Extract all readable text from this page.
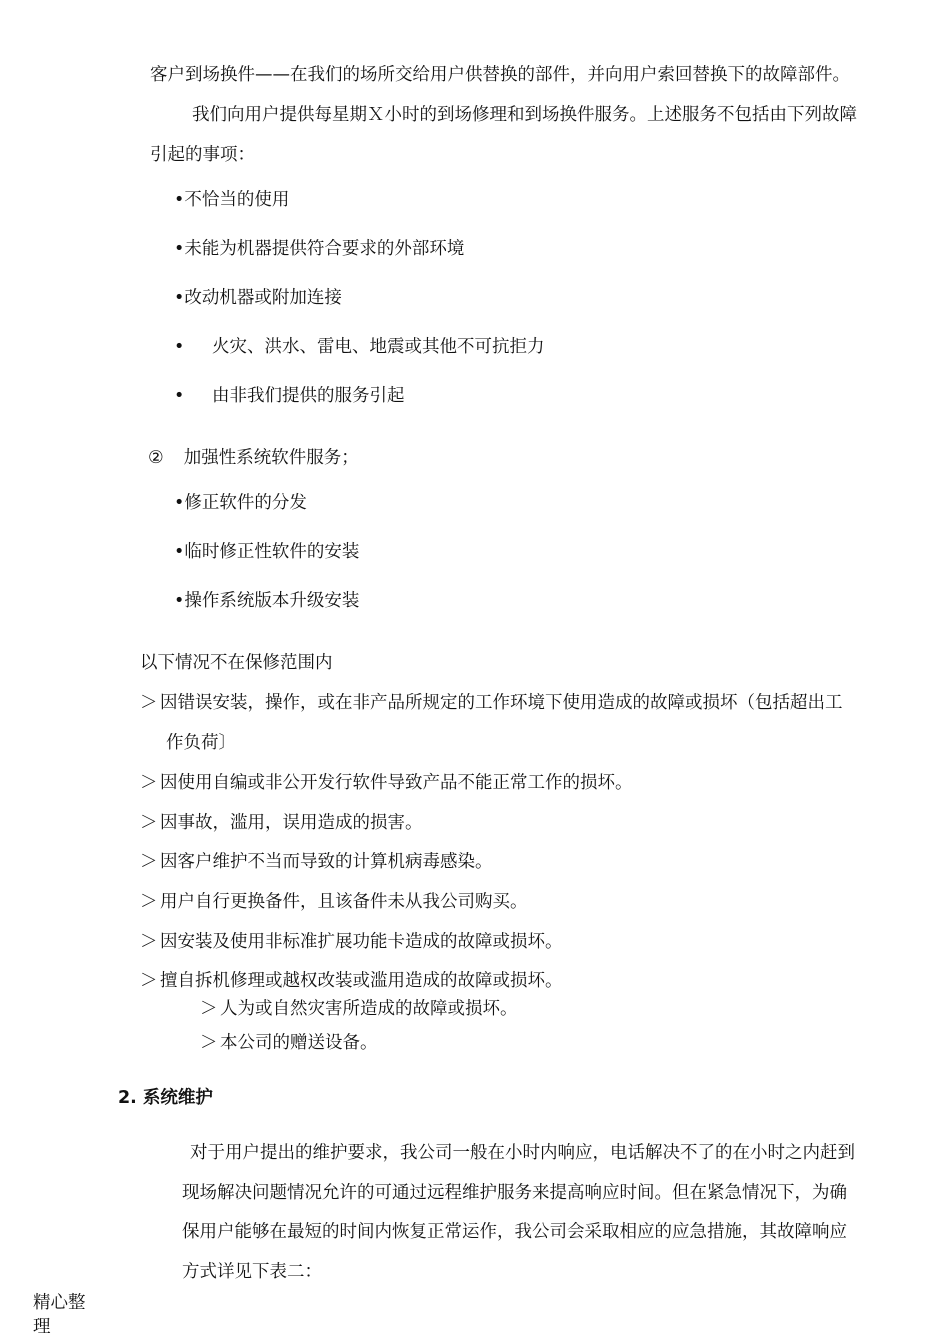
客户到场换件——在我们的场所交给用户供替换的部件，并向用户索回替换下的故障部件。
我们向用户提供每星期Ｘ小时的到场修理和到场换件服务。上述服务不包括由下列故障
引起的事项：
•不恰当的使用
•未能为机器提供符合要求的外部环境
•改动机器或附加连接
• 火灾、洪水、雷电、地震或其他不可抗拒力
• 由非我们提供的服务引起
② 加强性系统软件服务；
•修正软件的分发
•临时修正性软件的安装
•操作系统版本升级安装
以下情况不在保修范围内
＞ 因错误安装，操作，或在非产品所规定的工作环境下使用造成的故障或损坏（包括超出工
作负荷〕
＞ 因使用自编或非公开发行软件导致产品不能正常工作的损坏。
＞ 因事故，滥用，误用造成的损害。
＞ 因客户维护不当而导致的计算机病毒感染。
＞ 用户自行更换备件，且该备件未从我公司购买。
＞ 因安装及使用非标准扩展功能卡造成的故障或损坏。
＞ 擅自拆机修理或越权改装或滥用造成的故障或损坏。
＞ 人为或自然灾害所造成的故障或损坏。
＞ 本公司的赠送设备。
2. 系统维护
对于用户提出的维护要求，我公司一般在小时内响应，电话解决不了的在小时之内赶到
现场解决问题情况允许的可通过远程维护服务来提高响应时间。但在紧急情况下，为确
保用户能够在最短的时间内恢复正常运作，我公司会采取相应的应急措施，其故障响应
方式详见下表二：
精心整
理
